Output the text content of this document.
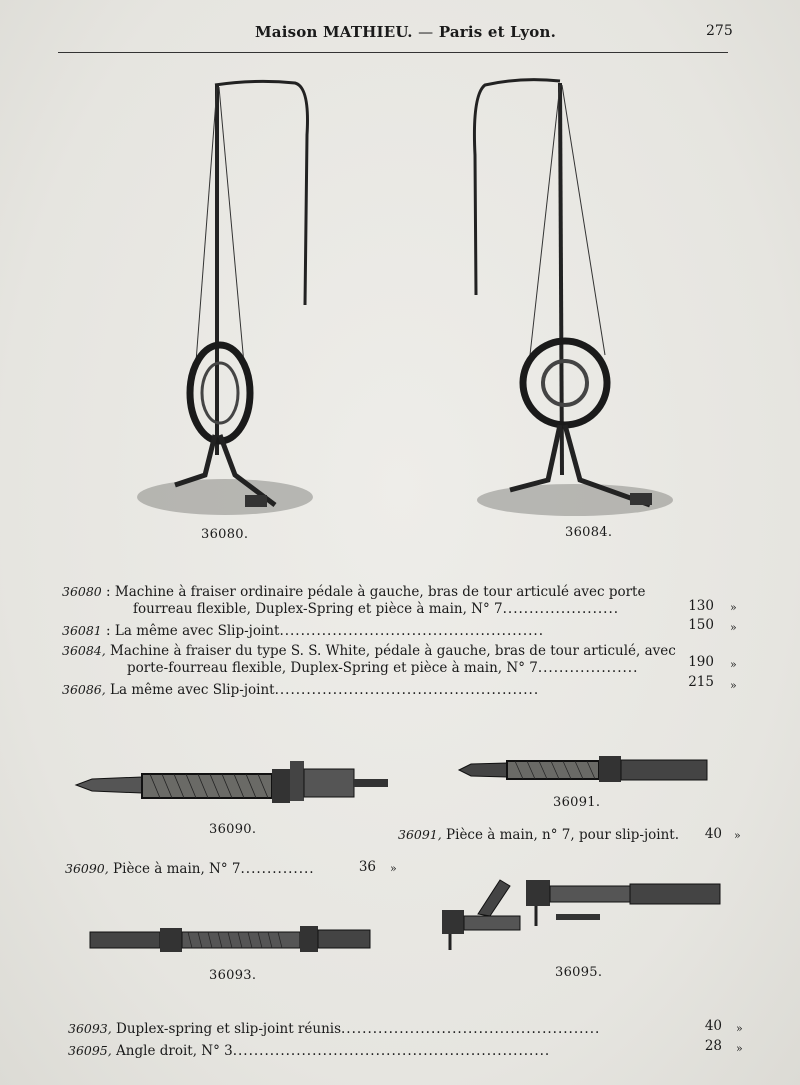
Maison MATHIEU. — Paris et Lyon.	275
36080.	36084.
36080 : Machine à fraiser ordinaire pédale à gauche, bras de tour articulé avec porte
fourreau flexible, Duplex-Spring et pièce à main, N° 7......................	130 »
36081 : La même avec Slip-joint..................................................	150 »
36084, Machine à fraiser du type S. S. White, pédale à gauche, bras de tour articulé, avec
porte-fourreau flexible, Duplex-Spring et pièce à main, N° 7...................	190 »
36086, La même avec Slip-joint..................................................	215 »
36090.
36091.
36091, Pièce à main, n° 7, pour slip-joint.	40 »
36090, Pièce à main, N° 7..............	36 »
36093.	36095.
36093, Duplex-spring et slip-joint réunis.................................................	40 »
36095, Angle droit, N° 3............................................................	28 »
